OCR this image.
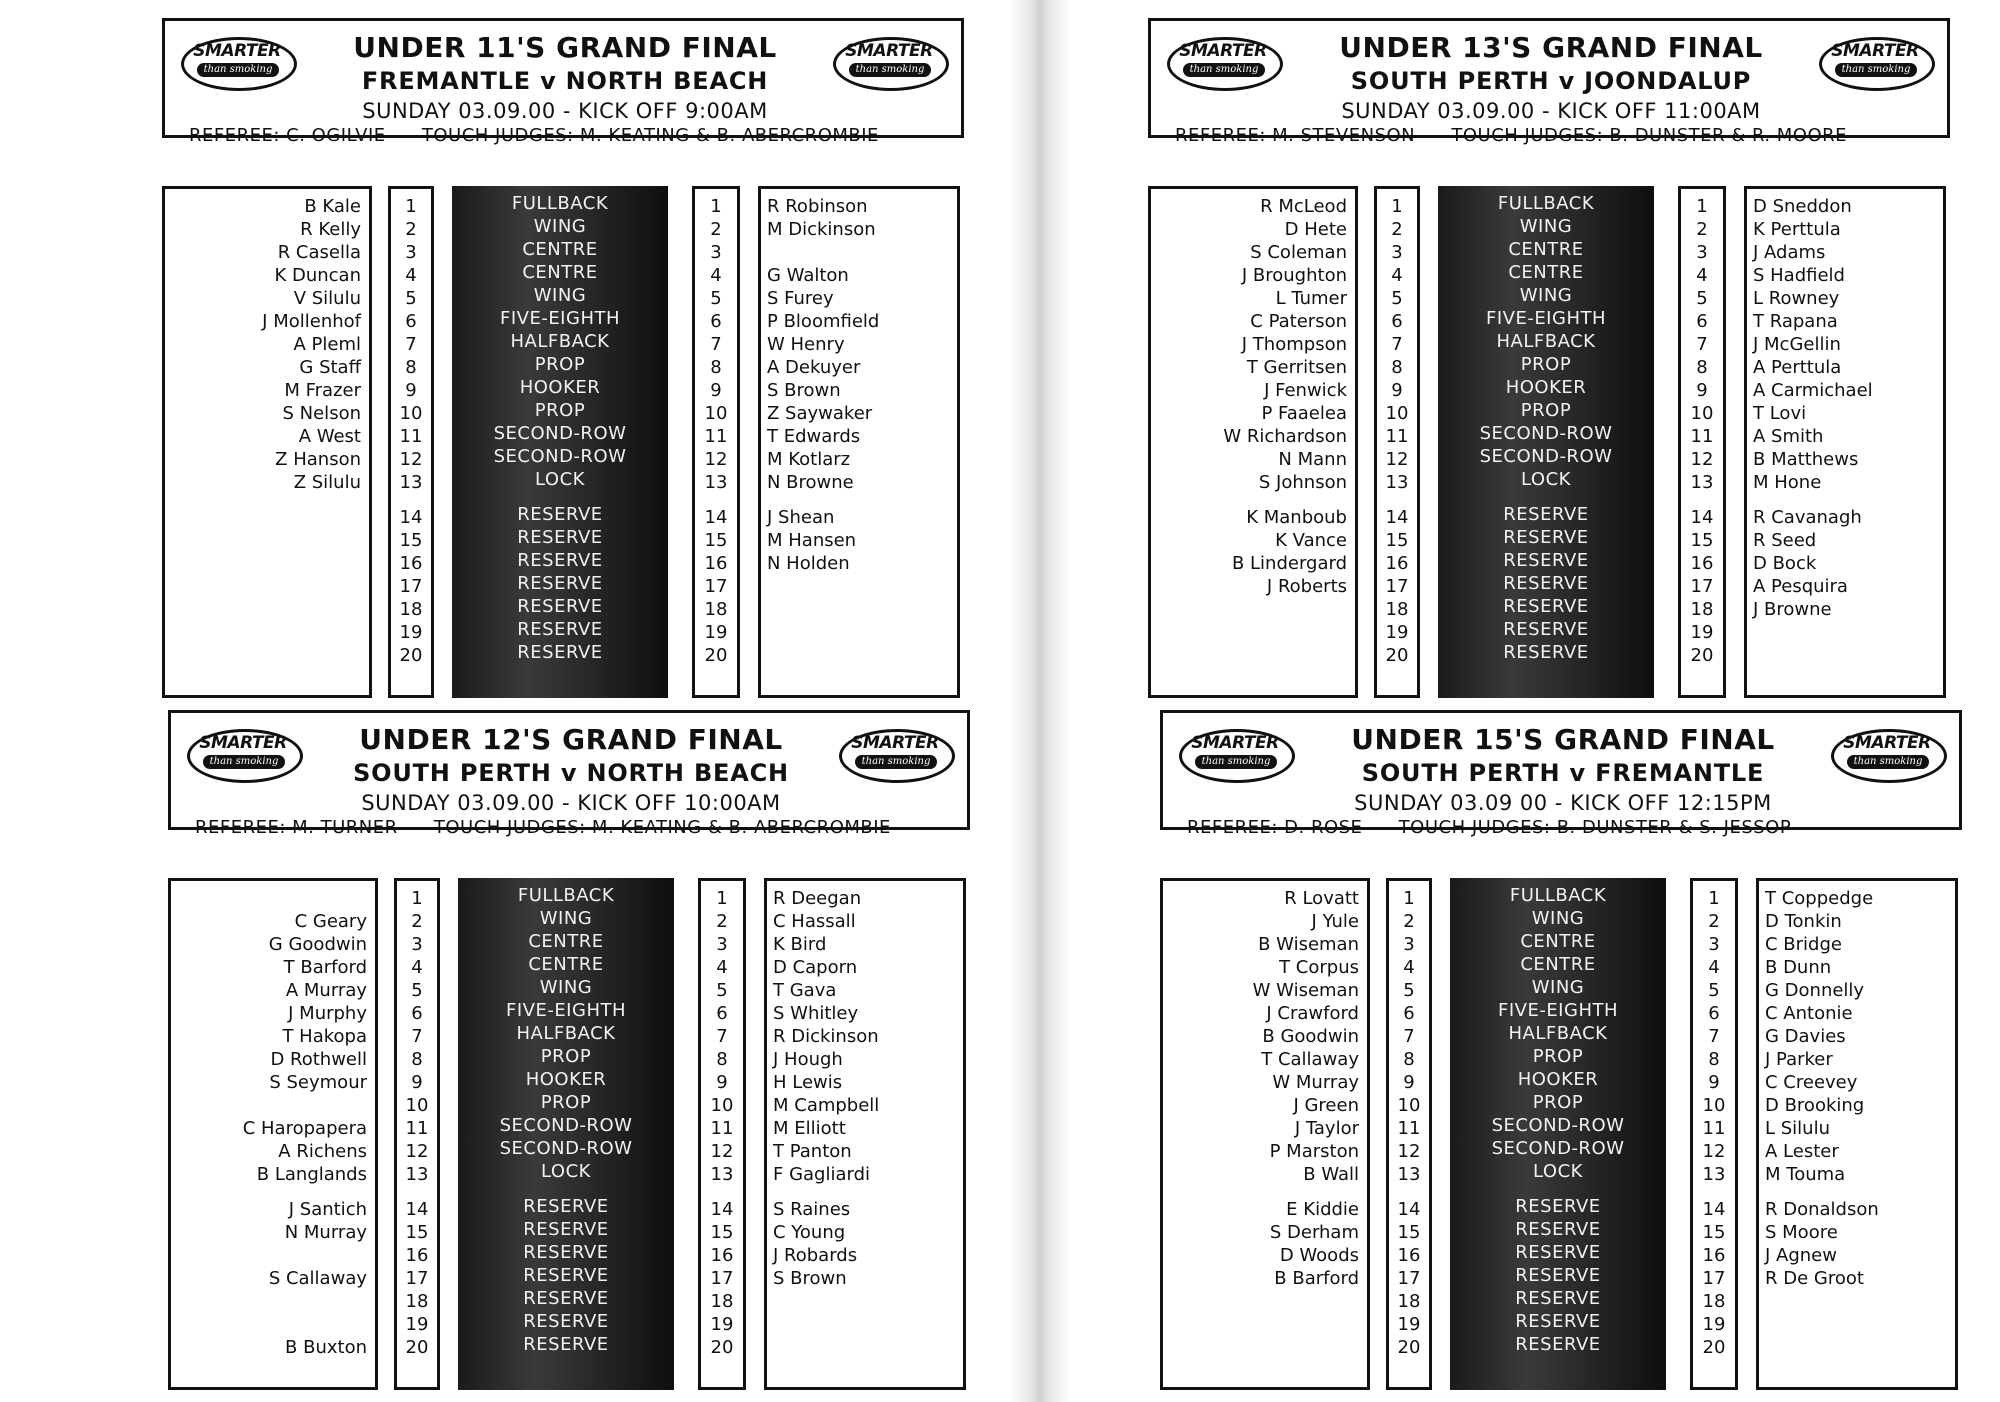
SMARTER
than smoking
UNDER 11'S GRAND FINAL
FREMANTLE v NORTH BEACH
SUNDAY 03.09.00 - KICK OFF 9:00AM
REFEREE: C. OGILVIE TOUCH JUDGES: M. KEATING & B. ABERCROMBIE
SMARTER
than smoking
B Kale
R Kelly
R Casella
K Duncan
V Silulu
J Mollenhof
A Pleml
G Staff
M Frazer
S Nelson
A West
Z Hanson
Z Silulu
1
2
3
4
5
6
7
8
9
10
11
12
13
14
15
16
17
18
19
20
FULLBACK
WING
CENTRE
CENTRE
WING
FIVE-EIGHTH
HALFBACK
PROP
HOOKER
PROP
SECOND-ROW
SECOND-ROW
LOCK
RESERVE
RESERVE
RESERVE
RESERVE
RESERVE
RESERVE
RESERVE
1
2
3
4
5
6
7
8
9
10
11
12
13
14
15
16
17
18
19
20
R Robinson
M Dickinson
G Walton
S Furey
P Bloomfield
W Henry
A Dekuyer
S Brown
Z Saywaker
T Edwards
M Kotlarz
N Browne
J Shean
M Hansen
N Holden
SMARTER
than smoking
UNDER 12'S GRAND FINAL
SOUTH PERTH v NORTH BEACH
SUNDAY 03.09.00 - KICK OFF 10:00AM
REFEREE: M. TURNER TOUCH JUDGES: M. KEATING & B. ABERCROMBIE
SMARTER
than smoking
C Geary
G Goodwin
T Barford
A Murray
J Murphy
T Hakopa
D Rothwell
S Seymour
C Haropapera
A Richens
B Langlands
J Santich
N Murray
S Callaway
B Buxton
1
2
3
4
5
6
7
8
9
10
11
12
13
14
15
16
17
18
19
20
FULLBACK
WING
CENTRE
CENTRE
WING
FIVE-EIGHTH
HALFBACK
PROP
HOOKER
PROP
SECOND-ROW
SECOND-ROW
LOCK
RESERVE
RESERVE
RESERVE
RESERVE
RESERVE
RESERVE
RESERVE
1
2
3
4
5
6
7
8
9
10
11
12
13
14
15
16
17
18
19
20
R Deegan
C Hassall
K Bird
D Caporn
T Gava
S Whitley
R Dickinson
J Hough
H Lewis
M Campbell
M Elliott
T Panton
F Gagliardi
S Raines
C Young
J Robards
S Brown
SMARTER
than smoking
UNDER 13'S GRAND FINAL
SOUTH PERTH v JOONDALUP
SUNDAY 03.09.00 - KICK OFF 11:00AM
REFEREE: M. STEVENSON TOUCH JUDGES: B. DUNSTER & R. MOORE
SMARTER
than smoking
R McLeod
D Hete
S Coleman
J Broughton
L Tumer
C Paterson
J Thompson
T Gerritsen
J Fenwick
P Faaelea
W Richardson
N Mann
S Johnson
K Manboub
K Vance
B Lindergard
J Roberts
1
2
3
4
5
6
7
8
9
10
11
12
13
14
15
16
17
18
19
20
FULLBACK
WING
CENTRE
CENTRE
WING
FIVE-EIGHTH
HALFBACK
PROP
HOOKER
PROP
SECOND-ROW
SECOND-ROW
LOCK
RESERVE
RESERVE
RESERVE
RESERVE
RESERVE
RESERVE
RESERVE
1
2
3
4
5
6
7
8
9
10
11
12
13
14
15
16
17
18
19
20
D Sneddon
K Perttula
J Adams
S Hadfield
L Rowney
T Rapana
J McGellin
A Perttula
A Carmichael
T Lovi
A Smith
B Matthews
M Hone
R Cavanagh
R Seed
D Bock
A Pesquira
J Browne
SMARTER
than smoking
UNDER 15'S GRAND FINAL
SOUTH PERTH v FREMANTLE
SUNDAY 03.09 00 - KICK OFF 12:15PM
REFEREE: D. ROSE TOUCH JUDGES: B. DUNSTER & S. JESSOP
SMARTER
than smoking
R Lovatt
J Yule
B Wiseman
T Corpus
W Wiseman
J Crawford
B Goodwin
T Callaway
W Murray
J Green
J Taylor
P Marston
B Wall
E Kiddie
S Derham
D Woods
B Barford
1
2
3
4
5
6
7
8
9
10
11
12
13
14
15
16
17
18
19
20
FULLBACK
WING
CENTRE
CENTRE
WING
FIVE-EIGHTH
HALFBACK
PROP
HOOKER
PROP
SECOND-ROW
SECOND-ROW
LOCK
RESERVE
RESERVE
RESERVE
RESERVE
RESERVE
RESERVE
RESERVE
1
2
3
4
5
6
7
8
9
10
11
12
13
14
15
16
17
18
19
20
T Coppedge
D Tonkin
C Bridge
B Dunn
G Donnelly
C Antonie
G Davies
J Parker
C Creevey
D Brooking
L Silulu
A Lester
M Touma
R Donaldson
S Moore
J Agnew
R De Groot
